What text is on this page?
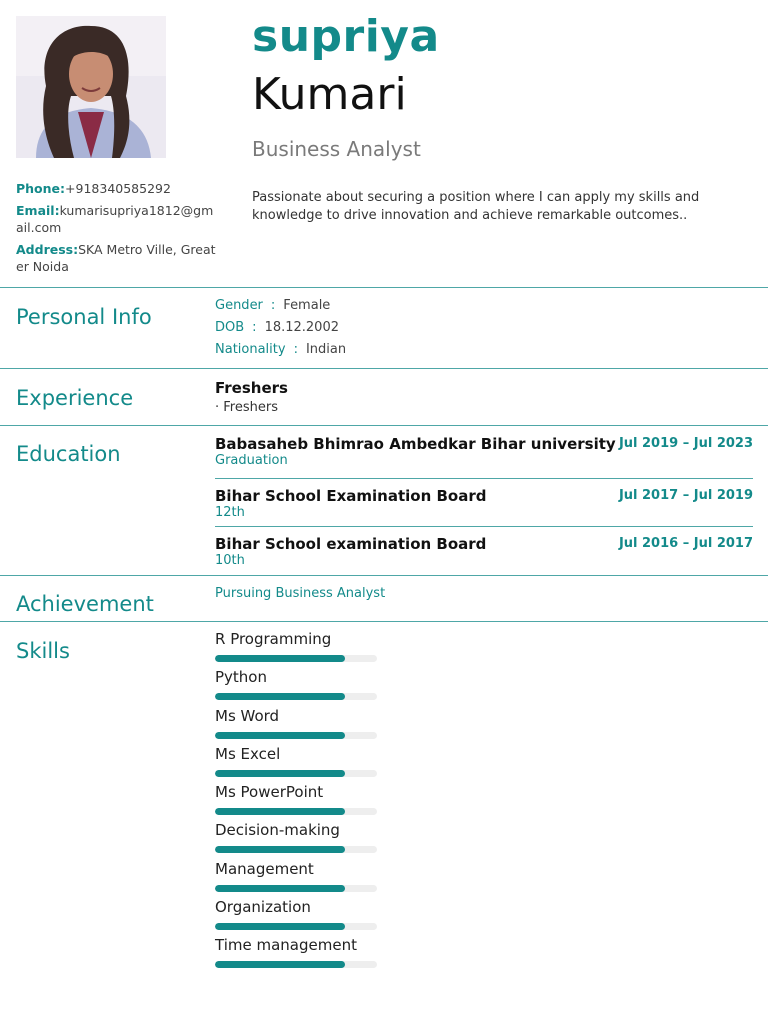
supriya
Kumari
Business Analyst
Phone:+918340585292
Email:kumarisupriya1812@gmail.com
Address:SKA Metro Ville, Greater Noida
Passionate about securing a position where I can apply my skills and knowledge to drive innovation and achieve remarkable outcomes..
Personal Info	Gender : Female
DOB : 18.12.2002
Nationality : Indian
Experience	Freshers
· Freshers
Education	Babasaheb Bhimrao Ambedkar Bihar university Jul 2019 – Jul 2023
Graduation
Bihar School Examination Board	Jul 2017 – Jul 2019
12th
Bihar School examination Board	Jul 2016 – Jul 2017
10th
Achievement	Pursuing Business Analyst
Skills	R Programming
Python
Ms Word
Ms Excel
Ms PowerPoint
Decision-making
Management
Organization
Time management
